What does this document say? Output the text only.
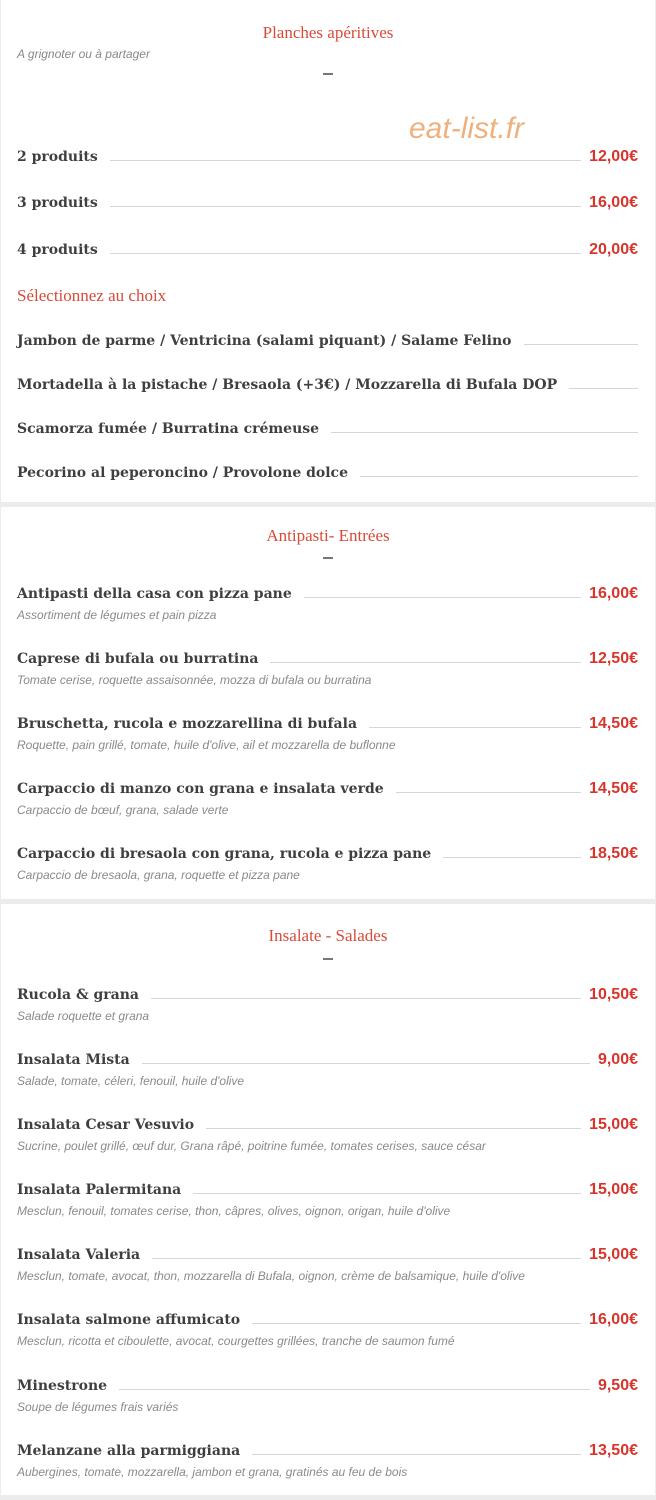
Planches apéritives
A grignoter ou à partager
2 produits	12,00€
3 produits	16,00€
4 produits	20,00€
Sélectionnez au choix
Jambon de parme / Ventricina (salami piquant) / Salame Felino
Mortadella à la pistache / Bresaola (+3€) / Mozzarella di Bufala DOP
Scamorza fumée / Burratina crémeuse
Pecorino al peperoncino / Provolone dolce
eat-list.fr
Antipasti- Entrées
Antipasti della casa con pizza pane	16,00€
Assortiment de légumes et pain pizza
Caprese di bufala ou burratina	12,50€
Tomate cerise, roquette assaisonnée, mozza di bufala ou burratina
Bruschetta, rucola e mozzarellina di bufala	14,50€
Roquette, pain grillé, tomate, huile d'olive, ail et mozzarella de buflonne
Carpaccio di manzo con grana e insalata verde	14,50€
Carpaccio de bœuf, grana, salade verte
Carpaccio di bresaola con grana, rucola e pizza pane	18,50€
Carpaccio de bresaola, grana, roquette et pizza pane
Insalate - Salades
Rucola & grana	10,50€
Salade roquette et grana
Insalata Mista	9,00€
Salade, tomate, céleri, fenouil, huile d'olive
Insalata Cesar Vesuvio	15,00€
Sucrine, poulet grillé, œuf dur, Grana râpé, poitrine fumée, tomates cerises, sauce césar
Insalata Palermitana	15,00€
Mesclun, fenouil, tomates cerise, thon, câpres, olives, oignon, origan, huile d'olive
Insalata Valeria	15,00€
Mesclun, tomate, avocat, thon, mozzarella di Bufala, oignon, crème de balsamique, huile d'olive
Insalata salmone affumicato	16,00€
Mesclun, ricotta et ciboulette, avocat, courgettes grillées, tranche de saumon fumé
Minestrone	9,50€
Soupe de légumes frais variés
Melanzane alla parmiggiana	13,50€
Aubergines, tomate, mozzarella, jambon et grana, gratinés au feu de bois
